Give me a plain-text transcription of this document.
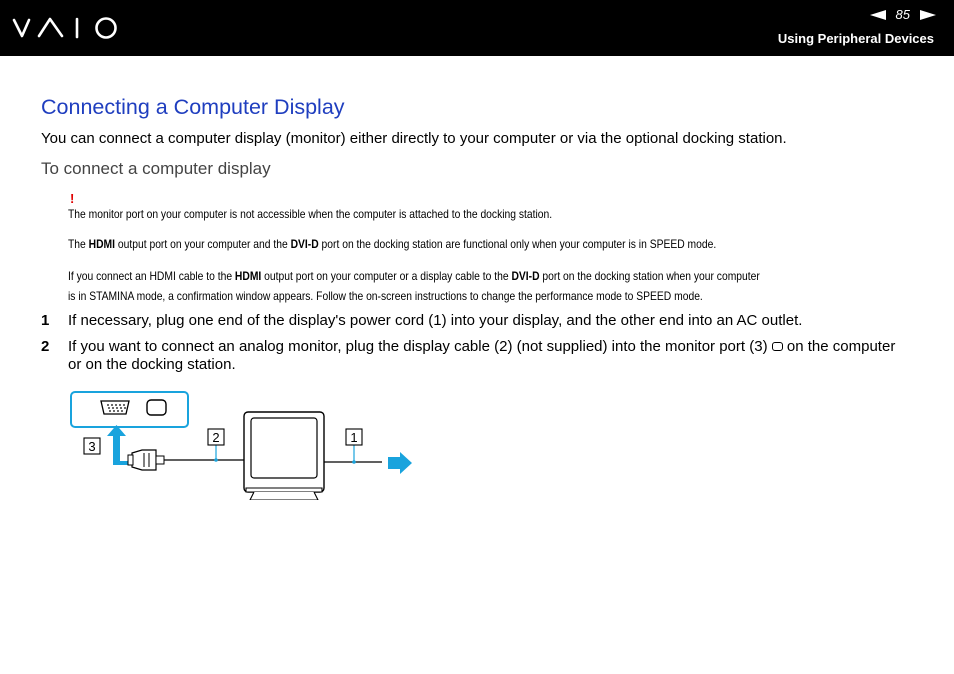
85
Using Peripheral Devices
Connecting a Computer Display
You can connect a computer display (monitor) either directly to your computer or via the optional docking station.
To connect a computer display
!
The monitor port on your computer is not accessible when the computer is attached to the docking station.
The HDMI output port on your computer and the DVI-D port on the docking station are functional only when your computer is in SPEED mode.
If you connect an HDMI cable to the HDMI output port on your computer or a display cable to the DVI-D port on the docking station when your computer
is in STAMINA mode, a confirmation window appears. Follow the on-screen instructions to change the performance mode to SPEED mode.
1 If necessary, plug one end of the display's power cord (1) into your display, and the other end into an AC outlet.
2 If you want to connect an analog monitor, plug the display cable (2) (not supplied) into the monitor port (3)  on the computer or on the docking station.
3
2	1
